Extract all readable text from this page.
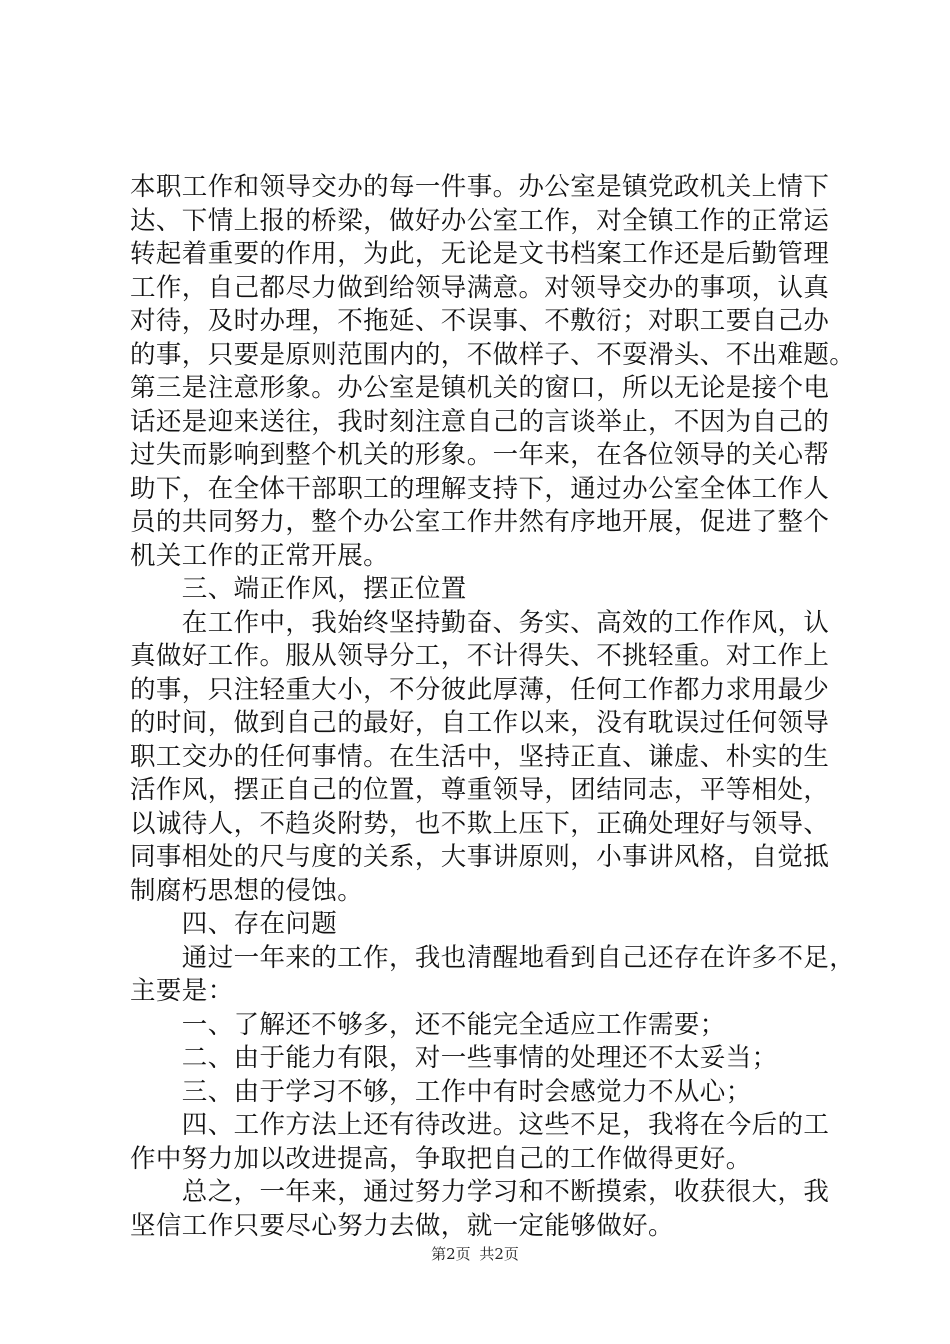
本职工作和领导交办的每一件事。办公室是镇党政机关上情下
达、下情上报的桥梁，做好办公室工作，对全镇工作的正常运
转起着重要的作用，为此，无论是文书档案工作还是后勤管理
工作，自己都尽力做到给领导满意。对领导交办的事项，认真
对待，及时办理，不拖延、不误事、不敷衍；对职工要自己办
的事，只要是原则范围内的，不做样子、不耍滑头、不出难题。
第三是注意形象。办公室是镇机关的窗口，所以无论是接个电
话还是迎来送往，我时刻注意自己的言谈举止，不因为自己的
过失而影响到整个机关的形象。一年来，在各位领导的关心帮
助下，在全体干部职工的理解支持下，通过办公室全体工作人
员的共同努力，整个办公室工作井然有序地开展，促进了整个
机关工作的正常开展。
　　三、端正作风，摆正位置
　　在工作中，我始终坚持勤奋、务实、高效的工作作风，认
真做好工作。服从领导分工，不计得失、不挑轻重。对工作上
的事，只注轻重大小，不分彼此厚薄，任何工作都力求用最少
的时间，做到自己的最好，自工作以来，没有耽误过任何领导
职工交办的任何事情。在生活中，坚持正直、谦虚、朴实的生
活作风，摆正自己的位置，尊重领导，团结同志，平等相处，
以诚待人，不趋炎附势，也不欺上压下，正确处理好与领导、
同事相处的尺与度的关系，大事讲原则，小事讲风格，自觉抵
制腐朽思想的侵蚀。
　　四、存在问题
　　通过一年来的工作，我也清醒地看到自己还存在许多不足，
主要是：
　　一、了解还不够多，还不能完全适应工作需要；
　　二、由于能力有限，对一些事情的处理还不太妥当；
　　三、由于学习不够，工作中有时会感觉力不从心；
　　四、工作方法上还有待改进。这些不足，我将在今后的工
作中努力加以改进提高，争取把自己的工作做得更好。
　　总之，一年来，通过努力学习和不断摸索，收获很大，我
坚信工作只要尽心努力去做，就一定能够做好。
第2页 共2页
